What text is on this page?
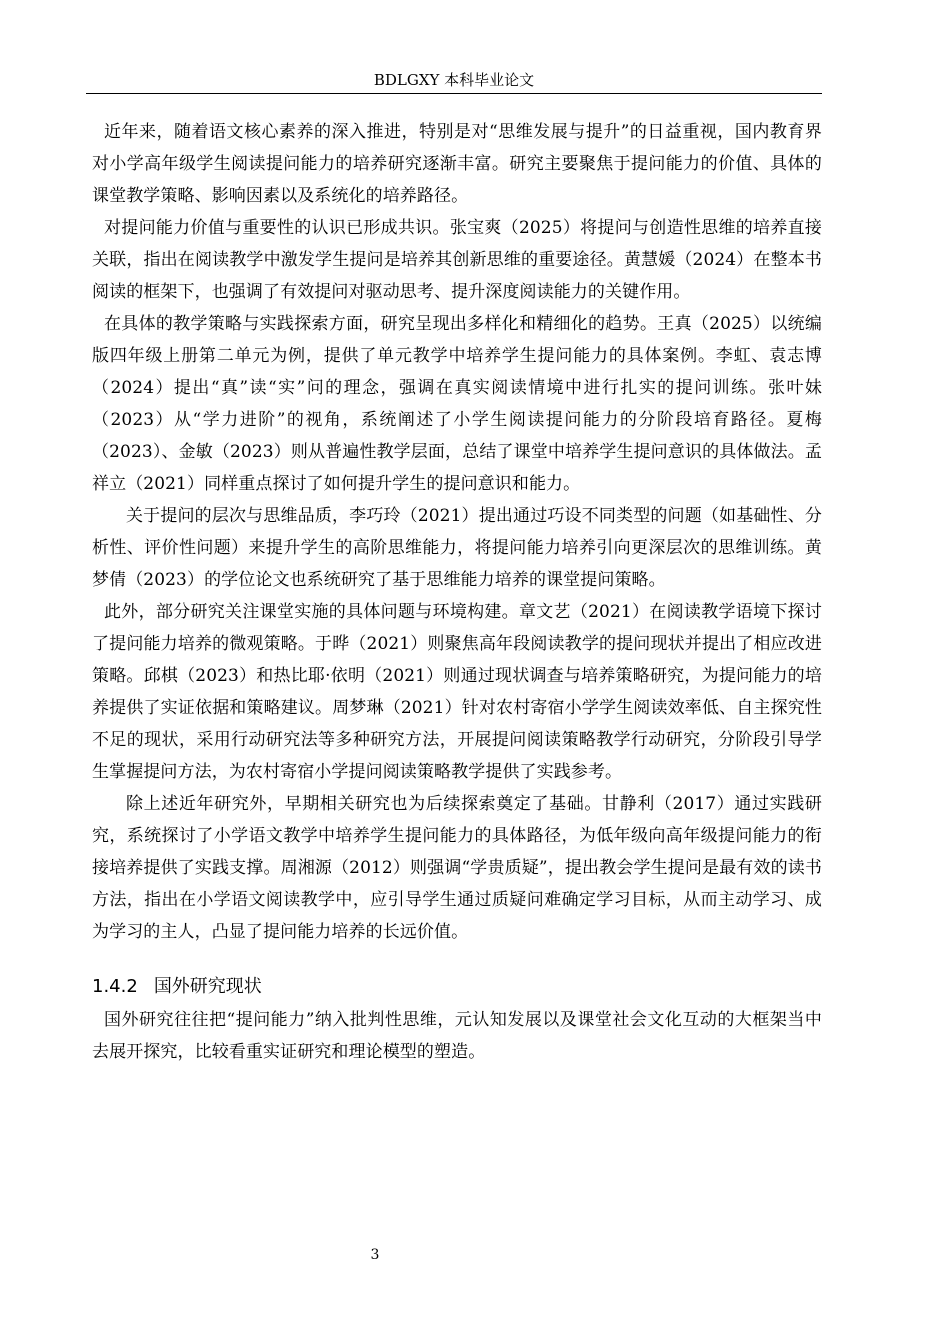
BDLGXY 本科毕业论文

近年来，随着语文核心素养的深入推进，特别是对“思维发展与提升”的日益重视，国内教育界对小学高年级学生阅读提问能力的培养研究逐渐丰富。研究主要聚焦于提问能力的价值、具体的课堂教学策略、影响因素以及系统化的培养路径。

对提问能力价值与重要性的认识已形成共识。张宝爽（2025）将提问与创造性思维的培养直接关联，指出在阅读教学中激发学生提问是培养其创新思维的重要途径。黄慧媛（2024）在整本书阅读的框架下，也强调了有效提问对驱动思考、提升深度阅读能力的关键作用。

在具体的教学策略与实践探索方面，研究呈现出多样化和精细化的趋势。王真（2025）以统编版四年级上册第二单元为例，提供了单元教学中培养学生提问能力的具体案例。李虹、袁志博（2024）提出“真”读“实”问的理念，强调在真实阅读情境中进行扎实的提问训练。张叶妹（2023）从“学力进阶”的视角，系统阐述了小学生阅读提问能力的分阶段培育路径。夏梅（2023）、金敏（2023）则从普遍性教学层面，总结了课堂中培养学生提问意识的具体做法。孟祥立（2021）同样重点探讨了如何提升学生的提问意识和能力。

关于提问的层次与思维品质，李巧玲（2021）提出通过巧设不同类型的问题（如基础性、分析性、评价性问题）来提升学生的高阶思维能力，将提问能力培养引向更深层次的思维训练。黄梦倩（2023）的学位论文也系统研究了基于思维能力培养的课堂提问策略。

此外，部分研究关注课堂实施的具体问题与环境构建。章文艺（2021）在阅读教学语境下探讨了提问能力培养的微观策略。于晔（2021）则聚焦高年段阅读教学的提问现状并提出了相应改进策略。邱棋（2023）和热比耶·依明（2021）则通过现状调查与培养策略研究，为提问能力的培养提供了实证依据和策略建议。周梦琳（2021）针对农村寄宿小学学生阅读效率低、自主探究性不足的现状，采用行动研究法等多种研究方法，开展提问阅读策略教学行动研究，分阶段引导学生掌握提问方法，为农村寄宿小学提问阅读策略教学提供了实践参考。

除上述近年研究外，早期相关研究也为后续探索奠定了基础。甘静利（2017）通过实践研究，系统探讨了小学语文教学中培养学生提问能力的具体路径，为低年级向高年级提问能力的衔接培养提供了实践支撑。周湘源（2012）则强调“学贵质疑”，提出教会学生提问是最有效的读书方法，指出在小学语文阅读教学中，应引导学生通过质疑问难确定学习目标，从而主动学习、成为学习的主人，凸显了提问能力培养的长远价值。

1.4.2 国外研究现状

国外研究往往把“提问能力”纳入批判性思维，元认知发展以及课堂社会文化互动的大框架当中去展开探究，比较看重实证研究和理论模型的塑造。

3
